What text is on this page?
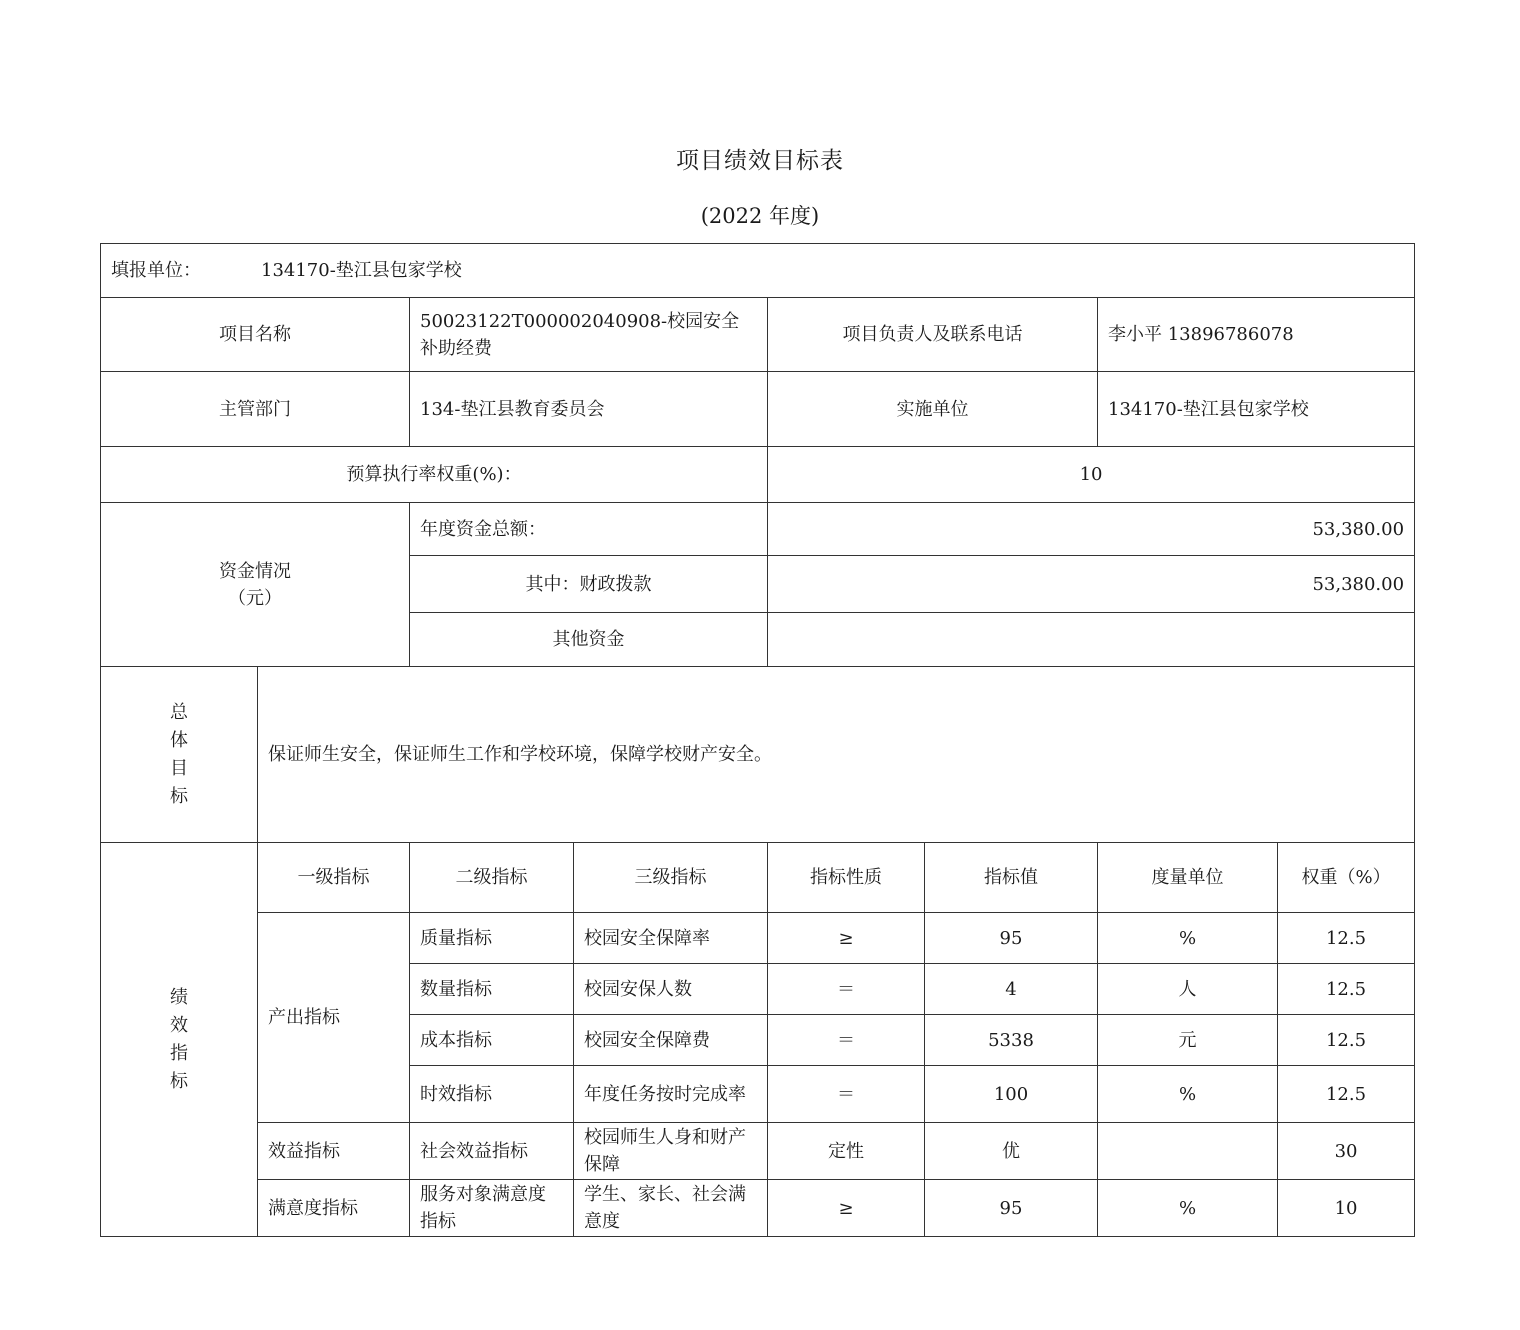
项目绩效目标表
(2022 年度)
填报单位： 134170-垫江县包家学校							
项目名称		50023122T000002040908-校园安全补助经费		项目负责人及联系电话		李小平 13896786078	
主管部门		134-垫江县教育委员会		实施单位		134170-垫江县包家学校	
预算执行率权重(%)：				10			

资金情况
（元）		年度资金总额：		53,380.00			
		其中：财政拨款		53,380.00			
		其他资金					

总
体
目
标	保证师生安全，保证师生工作和学校环境，保障学校财产安全。						

绩
效
指
标	一级指标	二级指标	三级指标	指标性质	指标值	度量单位	权重（%）
	产出指标	质量指标	校园安全保障率	≥	95	%	12.5
		数量指标	校园安保人数	＝	4	人	12.5
		成本指标	校园安全保障费	＝	5338	元	12.5
		时效指标	年度任务按时完成率	＝	100	%	12.5
	效益指标	社会效益指标	校园师生人身和财产保障	定性	优		30
	满意度指标	服务对象满意度指标	学生、家长、社会满意度	≥	95	%	10
